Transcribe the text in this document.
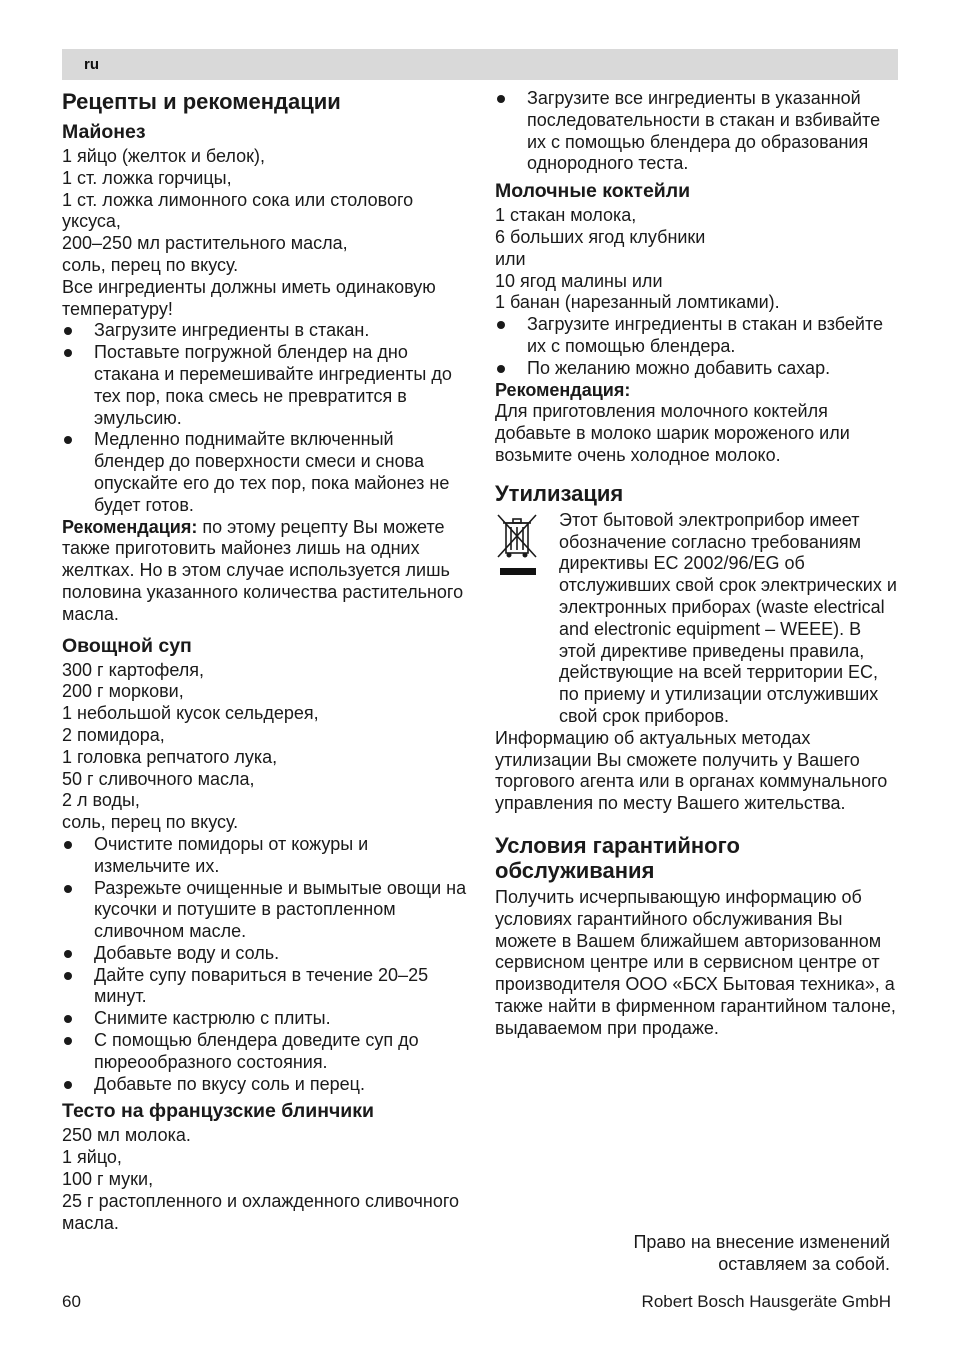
ru
Рецепты и рекомендации
Майонез

1 яйцо (желток и белок),

1 ст. ложка горчицы,

1 ст. ложка лимонного сока или столового уксуса,

200–250 мл растительного масла,

соль, перец по вкусу.

Все ингредиенты должны иметь одинаковую температуру!

Загрузите ингредиенты в стакан.
Поставьте погружной блендер на дно стакана и перемешивайте ингредиенты до тех пор, пока смесь не превратится в эмульсию.
Медленно поднимайте включенный блендер до поверхности смеси и снова опускайте его до тех пор, пока майонез не будет готов.

Рекомендация: по этому рецепту Вы можете также приготовить майонез лишь на одних желтках. Но в этом случае используется лишь половина указанного количества растительного масла.

Овощной суп

300 г картофеля,

200 г моркови,

1 небольшой кусок сельдерея,

2 помидора,

1 головка репчатого лука,

50 г сливочного масла,

2 л воды,

соль, перец по вкусу.

Очистите помидоры от кожуры и измельчите их.
Разрежьте очищенные и вымытые овощи на кусочки и потушите в растопленном сливочном масле.
Добавьте воду и соль.
Дайте супу повариться в течение 20–25 минут.
Снимите кастрюлю с плиты.
С помощью блендера доведите суп до пюреообразного состояния.
Добавьте по вкусу соль и перец.
Тесто на французские блинчики

250 мл молока.

1 яйцо,

100 г муки,

25 г растопленного и охлажденного сливочного масла.

Загрузите все ингредиенты в указанной последовательности в стакан и взбивайте их с помощью блендера до образования однородного теста.
Молочные коктейли

1 стакан молока,

6 больших ягод клубники

или

10 ягод малины или

1 банан (нарезанный ломтиками).

Загрузите ингредиенты в стакан и взбейте их с помощью блендера.
По желанию можно добавить сахар.

Рекомендация:

Для приготовления молочного коктейля добавьте в молоко шарик мороженого или возьмите очень холодное молоко.

Утилизация
Этот бытовой электроприбор имеет обозначение согласно требованиям директивы ЕС 2002/96/EG об отслуживших свой срок электрических и электронных приборах (waste electrical and electronic equipment – WEEE). В этой директиве приведены правила, действующие на всей территории ЕС, по приему и утилизации отслуживших свой срок приборов.

Информацию об актуальных методах утилизации Вы сможете получить у Вашего торгового агента или в органах коммунального управления по месту Вашего жительства.

Условия гарантийного обслуживания

Получить исчерпывающую информацию об условиях гарантийного обслуживания Вы можете в Вашем ближайшем авторизованном сервисном центре или в сервисном центре от производителя ООО «БСХ Бытовая техника», а также найти в фирменном гарантийном талоне, выдаваемом при продаже.

Право на внесение изменений

оставляем за собой.

60	Robert Bosch Hausgeräte GmbH
